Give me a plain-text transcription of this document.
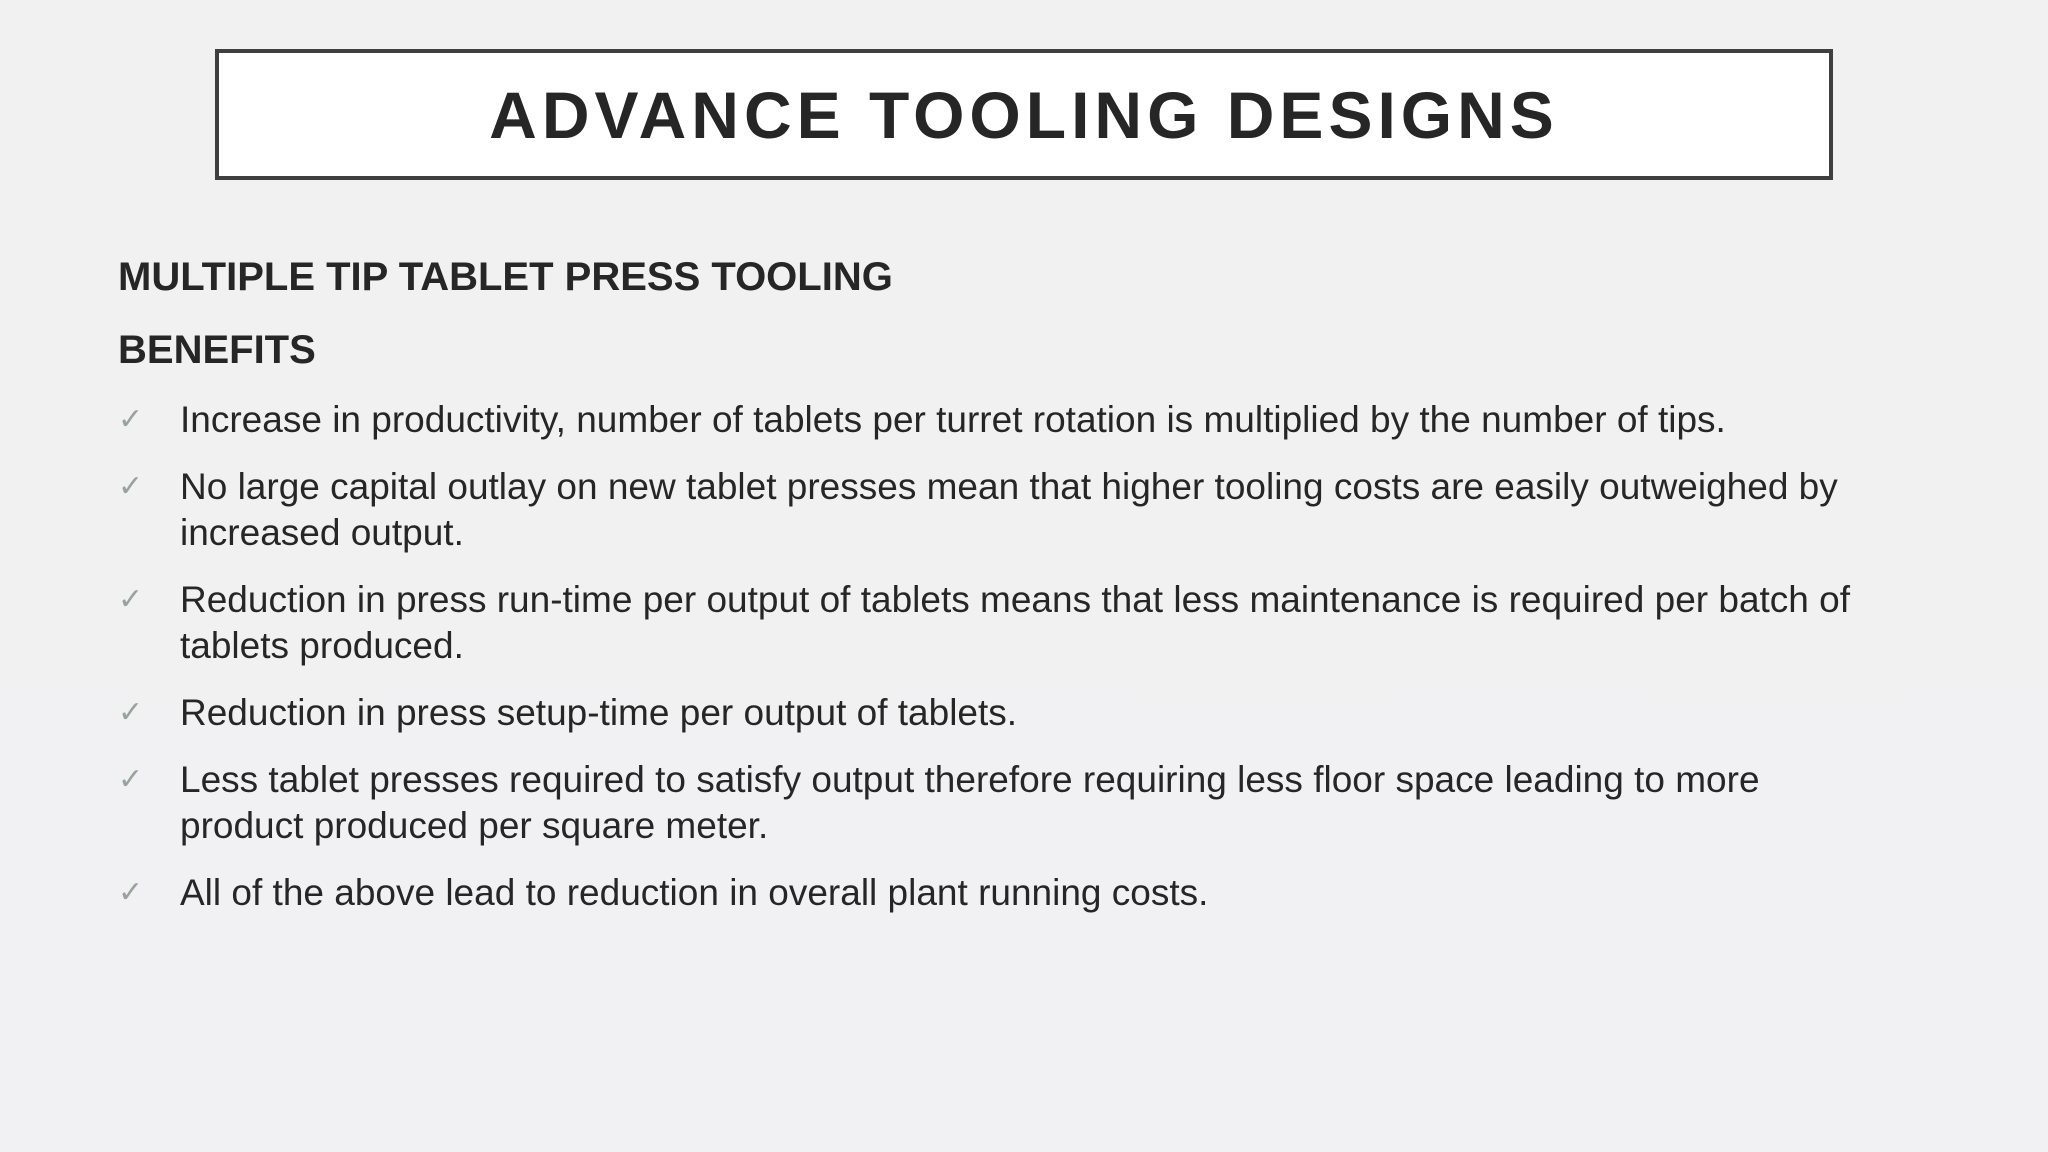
ADVANCE TOOLING DESIGNS
MULTIPLE TIP TABLET PRESS TOOLING
BENEFITS
✓ Increase in productivity, number of tablets per turret rotation is multiplied by the number of tips.
✓ No large capital outlay on new tablet presses mean that higher tooling costs are easily outweighed by increased output.
✓ Reduction in press run-time per output of tablets means that less maintenance is required per batch of tablets produced.
✓ Reduction in press setup-time per output of tablets.
✓ Less tablet presses required to satisfy output therefore requiring less floor space leading to more product produced per square meter.
✓ All of the above lead to reduction in overall plant running costs.
